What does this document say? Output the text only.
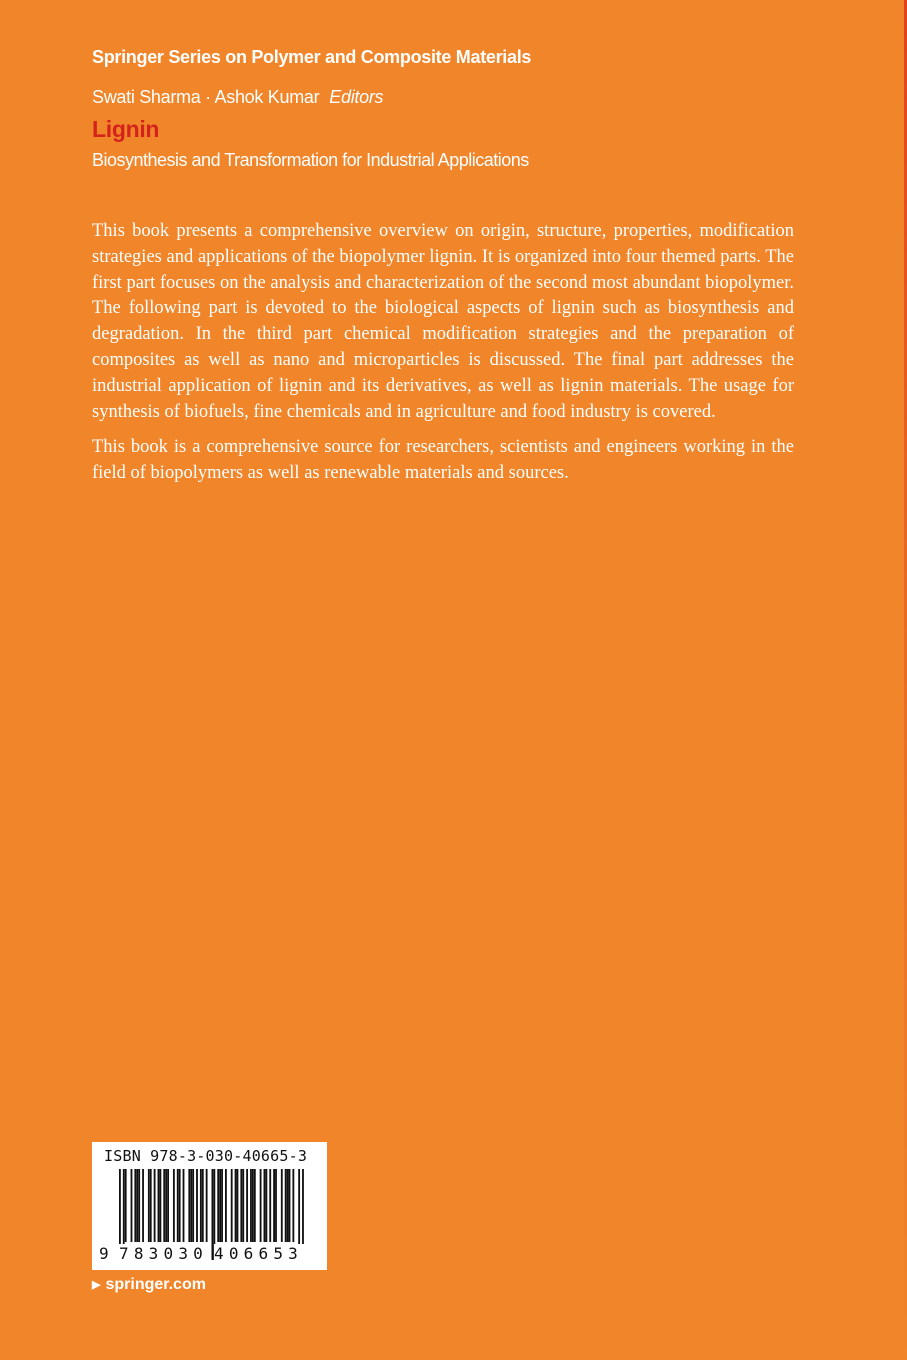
Springer Series on Polymer and Composite Materials
Swati Sharma · Ashok Kumar Editors
Lignin
Biosynthesis and Transformation for Industrial Applications

This book presents a comprehensive overview on origin, structure, properties, modification strategies and applications of the biopolymer lignin. It is organized into four themed parts. The first part focuses on the analysis and characterization of the second most abundant biopolymer. The following part is devoted to the biological aspects of lignin such as biosynthesis and degradation. In the third part chemical modification strategies and the preparation of composites as well as nano and microparticles is discussed. The final part addresses the industrial application of lignin and its derivatives, as well as lignin materials. The usage for synthesis of biofuels, fine chemicals and in agriculture and food industry is covered.

This book is a comprehensive source for researchers, scientists and engineers working in the field of biopolymers as well as renewable materials and sources.

ISBN 978-3-030-40665-3
9 783030 406653
▶ springer.com
